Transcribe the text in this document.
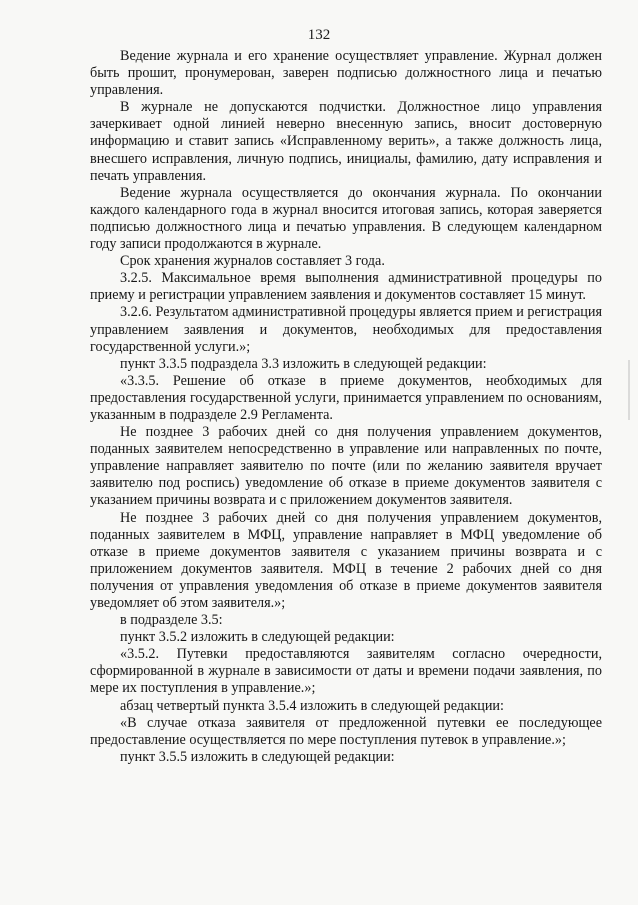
132

Ведение журнала и его хранение осуществляет управление. Журнал должен быть прошит, пронумерован, заверен подписью должностного лица и печатью управления.

В журнале не допускаются подчистки. Должностное лицо управления зачеркивает одной линией неверно внесенную запись, вносит достоверную информацию и ставит запись «Исправленному верить», а также должность лица, внесшего исправления, личную подпись, инициалы, фамилию, дату исправления и печать управления.

Ведение журнала осуществляется до окончания журнала. По окончании каждого календарного года в журнал вносится итоговая запись, которая заверяется подписью должностного лица и печатью управления. В следующем календарном году записи продолжаются в журнале.

Срок хранения журналов составляет 3 года.

3.2.5. Максимальное время выполнения административной процедуры по приему и регистрации управлением заявления и документов составляет 15 минут.

3.2.6. Результатом административной процедуры является прием и регистрация управлением заявления и документов, необходимых для предоставления государственной услуги.»;

пункт 3.3.5 подраздела 3.3 изложить в следующей редакции:

«3.3.5. Решение об отказе в приеме документов, необходимых для предоставления государственной услуги, принимается управлением по основаниям, указанным в подразделе 2.9 Регламента.

Не позднее 3 рабочих дней со дня получения управлением документов, поданных заявителем непосредственно в управление или направленных по почте, управление направляет заявителю по почте (или по желанию заявителя вручает заявителю под роспись) уведомление об отказе в приеме документов заявителя с указанием причины возврата и с приложением документов заявителя.

Не позднее 3 рабочих дней со дня получения управлением документов, поданных заявителем в МФЦ, управление направляет в МФЦ уведомление об отказе в приеме документов заявителя с указанием причины возврата и с приложением документов заявителя. МФЦ в течение 2 рабочих дней со дня получения от управления уведомления об отказе в приеме документов заявителя уведомляет об этом заявителя.»;

в подразделе 3.5:

пункт 3.5.2 изложить в следующей редакции:

«3.5.2. Путевки предоставляются заявителям согласно очередности, сформированной в журнале в зависимости от даты и времени подачи заявления, по мере их поступления в управление.»;

абзац четвертый пункта 3.5.4 изложить в следующей редакции:

«В случае отказа заявителя от предложенной путевки ее последующее предоставление осуществляется по мере поступления путевок в управление.»;

пункт 3.5.5 изложить в следующей редакции:
